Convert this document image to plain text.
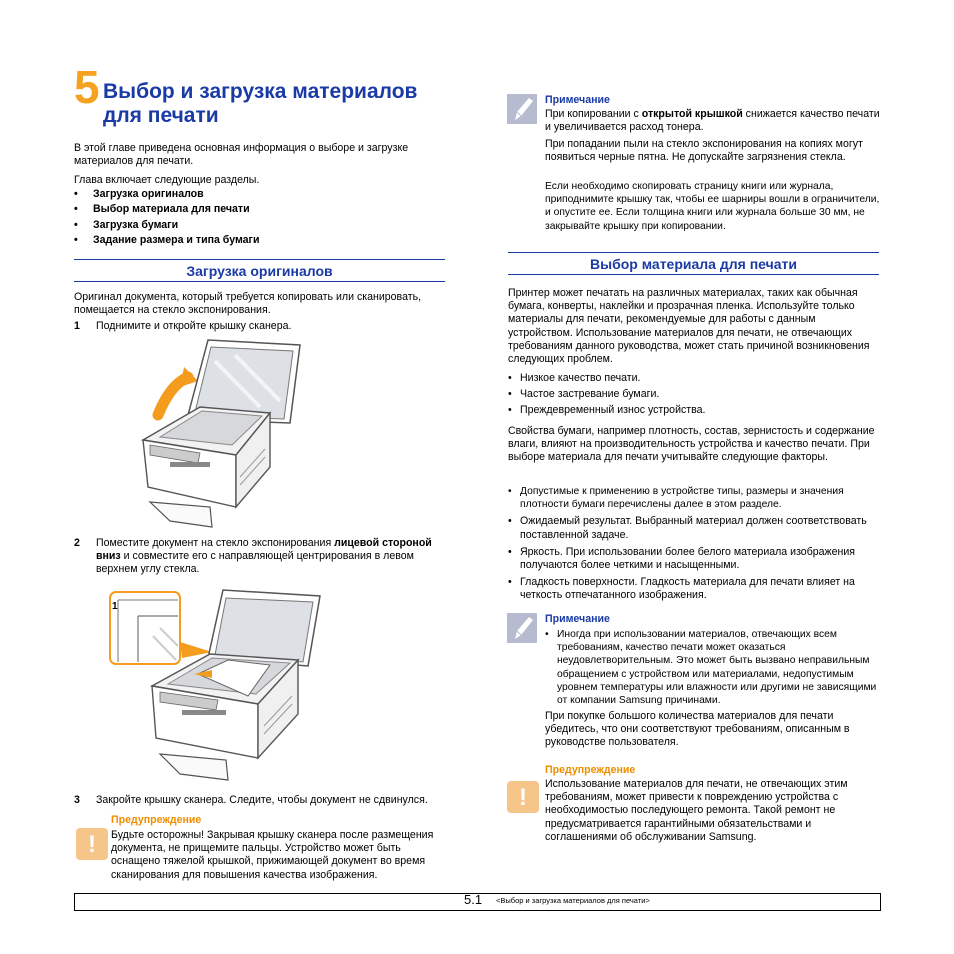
5 Выбор и загрузка материалов
для печати

В этой главе приведена основная информация о выборе и загрузке материалов для печати.

Глава включает следующие разделы.

• Загрузка оригиналов
• Выбор материала для печати
• Загрузка бумаги
• Задание размера и типа бумаги
Загрузка оригиналов

Оригинал документа, который требуется копировать или сканировать, помещается на стекло экспонирования.

1 Поднимите и откройте крышку сканера.

2 Поместите документ на стекло экспонирования лицевой стороной вниз и совместите его с направляющей центрирования в левом верхнем углу стекла.

1
3 Закройте крышку сканера. Следите, чтобы документ не сдвинулся.

!
Предупреждение

Будьте осторожны! Закрывая крышку сканера после размещения документа, не прищемите пальцы. Устройство может быть оснащено тяжелой крышкой, прижимающей документ во время сканирования для повышения качества изображения.

Примечание

При копировании с открытой крышкой снижается качество печати и увеличивается расход тонера.

При попадании пыли на стекло экспонирования на копиях могут появиться черные пятна. Не допускайте загрязнения стекла.

Если необходимо скопировать страницу книги или журнала, приподнимите крышку так, чтобы ее шарниры вошли в ограничители, и опустите ее. Если толщина книги или журнала больше 30 мм, не закрывайте крышку при копировании.

Выбор материала для печати

Принтер может печатать на различных материалах, таких как обычная бумага, конверты, наклейки и прозрачная пленка. Используйте только материалы для печати, рекомендуемые для работы с данным устройством. Использование материалов для печати, не отвечающих требованиям данного руководства, может стать причиной возникновения следующих проблем.

• Низкое качество печати.
• Частое застревание бумаги.
• Преждевременный износ устройства.

Свойства бумаги, например плотность, состав, зернистость и содержание влаги, влияют на производительность устройства и качество печати. При выборе материала для печати учитывайте следующие факторы.

• Допустимые к применению в устройстве типы, размеры и значения плотности бумаги перечислены далее в этом разделе.
• Ожидаемый результат. Выбранный материал должен соответствовать поставленной задаче.
• Яркость. При использовании более белого материала изображения получаются более четкими и насыщенными.
• Гладкость поверхности. Гладкость материала для печати влияет на четкость отпечатанного изображения.
Примечание
• Иногда при использовании материалов, отвечающих всем требованиям, качество печати может оказаться неудовлетворительным. Это может быть вызвано неправильным обращением с устройством или материалами, недопустимым уровнем температуры или влажности или другими не зависящими от компании Samsung причинами.

При покупке большого количества материалов для печати убедитесь, что они соответствуют требованиям, описанным в руководстве пользователя.

Предупреждение
!

Использование материалов для печати, не отвечающих этим требованиям, может привести к повреждению устройства с необходимостью последующего ремонта. Такой ремонт не предусматривается гарантийными обязательствами и соглашениями об обслуживании Samsung.

5.1 <Выбор и загрузка материалов для печати>
